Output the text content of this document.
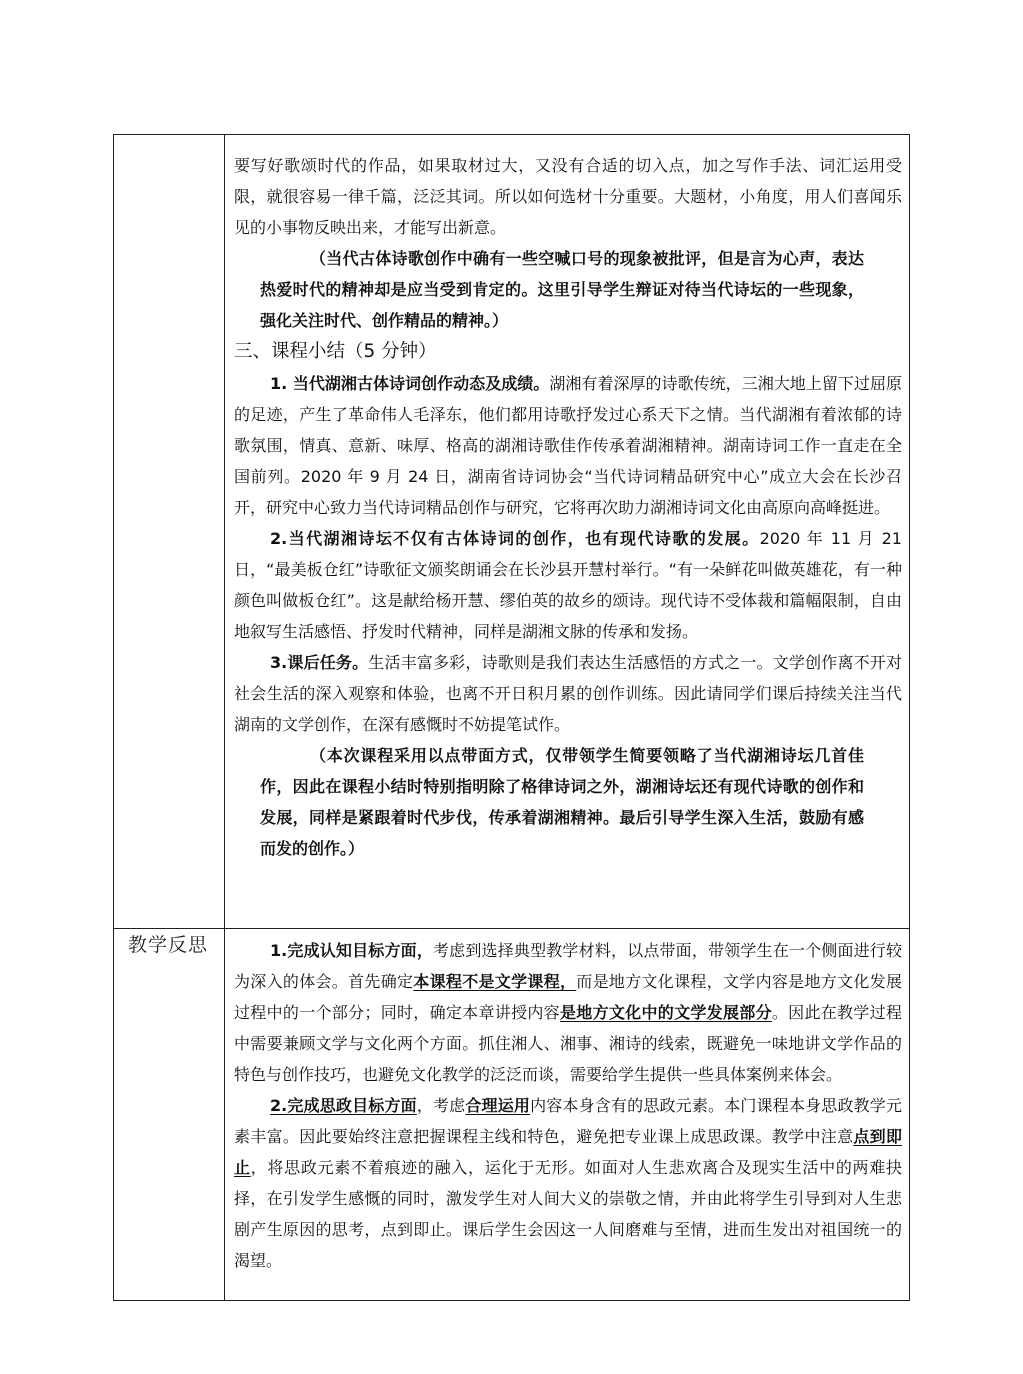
要写好歌颂时代的作品，如果取材过大，又没有合适的切入点，加之写作手法、词汇运用受限，就很容易一律千篇，泛泛其词。所以如何选材十分重要。大题材，小角度，用人们喜闻乐见的小事物反映出来，才能写出新意。

（当代古体诗歌创作中确有一些空喊口号的现象被批评，但是言为心声，表达热爱时代的精神却是应当受到肯定的。这里引导学生辩证对待当代诗坛的一些现象，强化关注时代、创作精品的精神。）

三、课程小结（5 分钟）

1. 当代湖湘古体诗词创作动态及成绩。湖湘有着深厚的诗歌传统，三湘大地上留下过屈原的足迹，产生了革命伟人毛泽东，他们都用诗歌抒发过心系天下之情。当代湖湘有着浓郁的诗歌氛围，情真、意新、味厚、格高的湖湘诗歌佳作传承着湖湘精神。湖南诗词工作一直走在全国前列。2020 年 9 月 24 日，湖南省诗词协会“当代诗词精品研究中心”成立大会在长沙召开，研究中心致力当代诗词精品创作与研究，它将再次助力湖湘诗词文化由高原向高峰挺进。

2.当代湖湘诗坛不仅有古体诗词的创作，也有现代诗歌的发展。2020 年 11 月 21 日，“最美板仓红”诗歌征文颁奖朗诵会在长沙县开慧村举行。“有一朵鲜花叫做英雄花，有一种颜色叫做板仓红”。这是献给杨开慧、缪伯英的故乡的颂诗。现代诗不受体裁和篇幅限制，自由地叙写生活感悟、抒发时代精神，同样是湖湘文脉的传承和发扬。

3.课后任务。生活丰富多彩，诗歌则是我们表达生活感悟的方式之一。文学创作离不开对社会生活的深入观察和体验，也离不开日积月累的创作训练。因此请同学们课后持续关注当代湖南的文学创作，在深有感慨时不妨提笔试作。

（本次课程采用以点带面方式，仅带领学生简要领略了当代湖湘诗坛几首佳作，因此在课程小结时特别指明除了格律诗词之外，湖湘诗坛还有现代诗歌的创作和发展，同样是紧跟着时代步伐，传承着湖湘精神。最后引导学生深入生活，鼓励有感而发的创作。）

教学反思	1.完成认知目标方面，考虑到选择典型教学材料，以点带面，带领学生在一个侧面进行较为深入的体会。首先确定本课程不是文学课程，而是地方文化课程，文学内容是地方文化发展过程中的一个部分；同时，确定本章讲授内容是地方文化中的文学发展部分。因此在教学过程中需要兼顾文学与文化两个方面。抓住湘人、湘事、湘诗的线索，既避免一味地讲文学作品的特色与创作技巧，也避免文化教学的泛泛而谈，需要给学生提供一些具体案例来体会。

2.完成思政目标方面，考虑合理运用内容本身含有的思政元素。本门课程本身思政教学元素丰富。因此要始终注意把握课程主线和特色，避免把专业课上成思政课。教学中注意点到即止，将思政元素不着痕迹的融入，运化于无形。如面对人生悲欢离合及现实生活中的两难抉择，在引发学生感慨的同时，激发学生对人间大义的崇敬之情，并由此将学生引导到对人生悲剧产生原因的思考，点到即止。课后学生会因这一人间磨难与至情，进而生发出对祖国统一的渴望。
